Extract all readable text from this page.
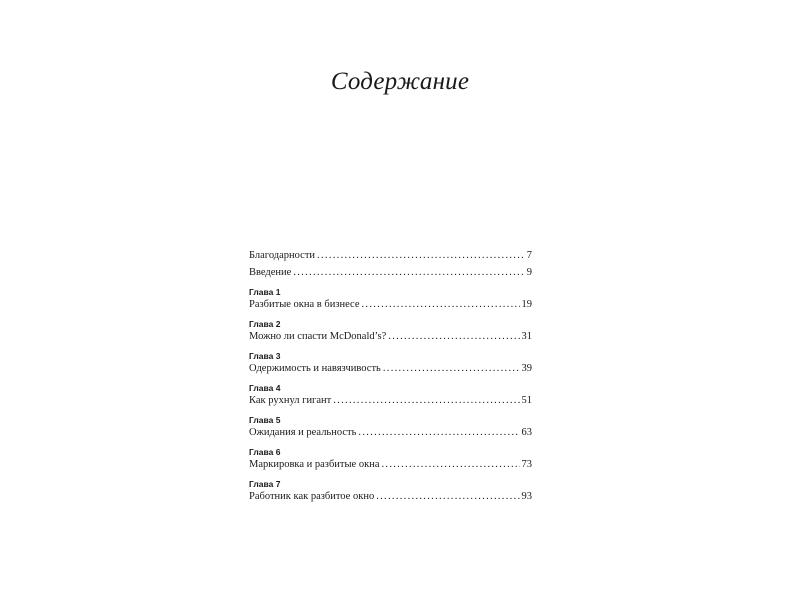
Содержание
Благодарности .....	7
Введение .....	9
Глава 1
Разбитые окна в бизнесе .....	19
Глава 2
Можно ли спасти McDonald’s? .....	31
Глава 3
Одержимость и навязчивость .....	39
Глава 4
Как рухнул гигант .....	51
Глава 5
Ожидания и реальность .....	63
Глава 6
Маркировка и разбитые окна .....	73
Глава 7
Работник как разбитое окно .....	93
